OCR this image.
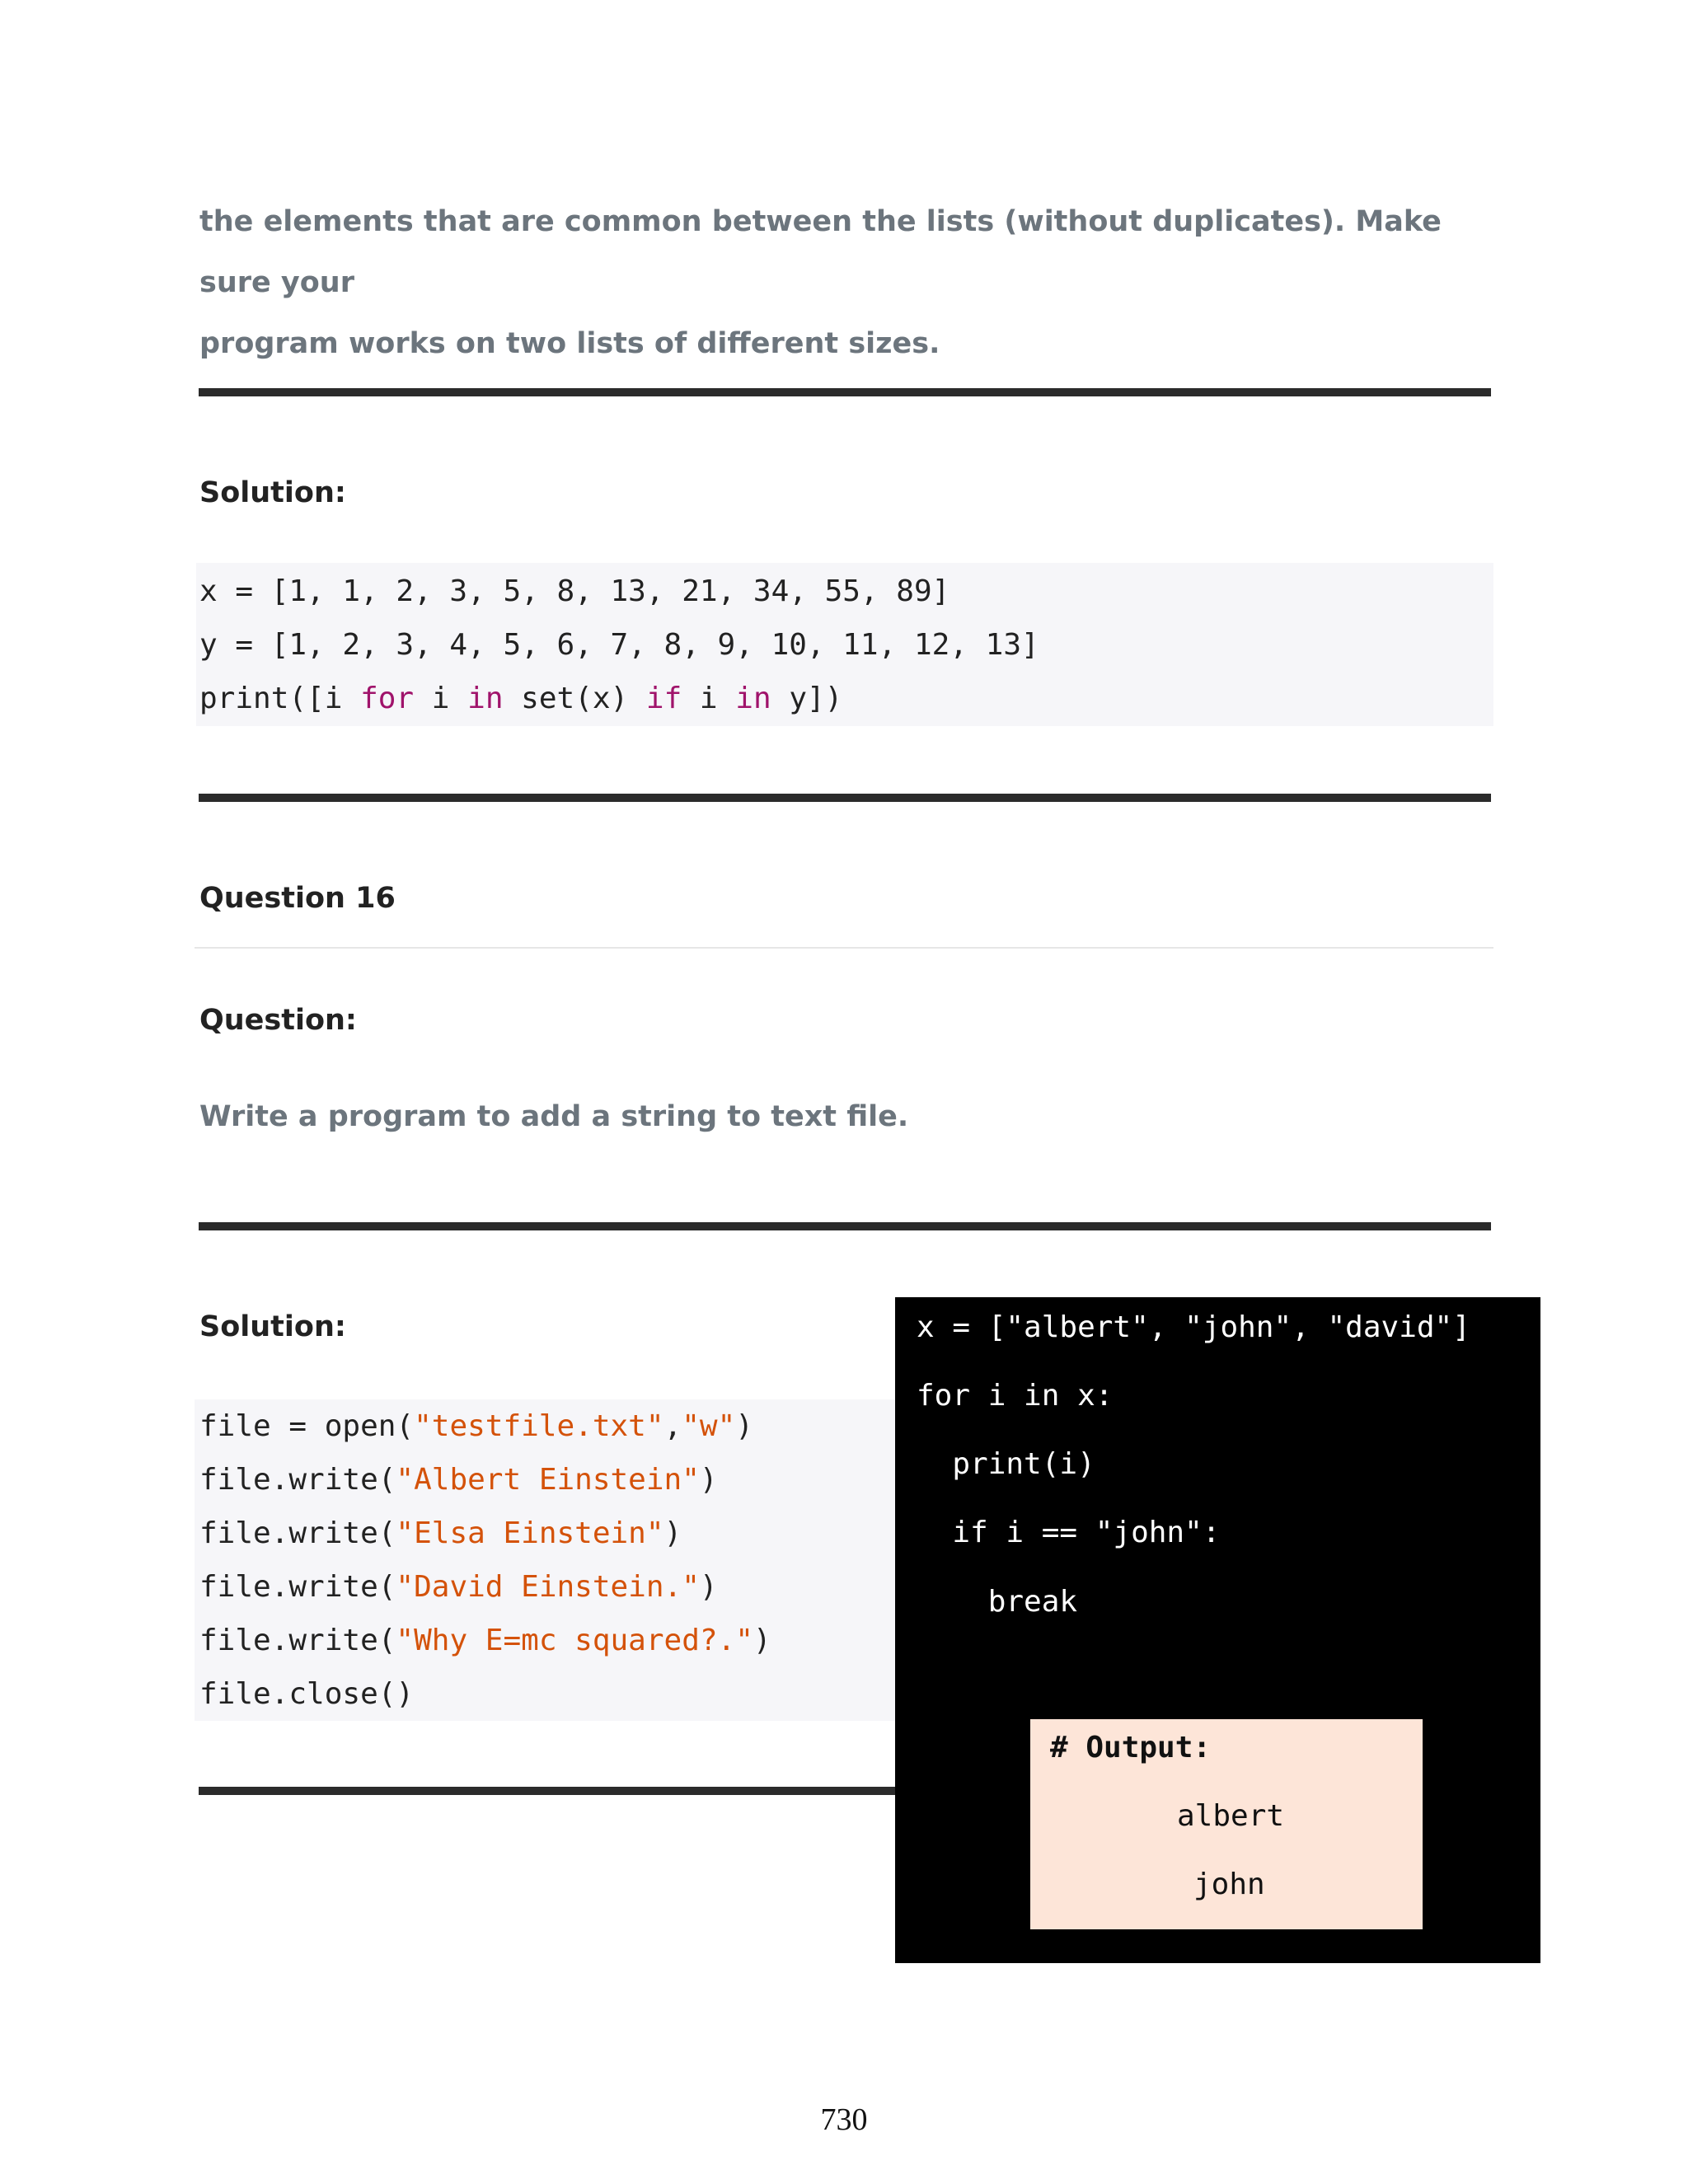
the elements that are common between the lists (without duplicates). Make sure your
program works on two lists of different sizes.
Solution:
x = [1, 1, 2, 3, 5, 8, 13, 21, 34, 55, 89]
y = [1, 2, 3, 4, 5, 6, 7, 8, 9, 10, 11, 12, 13]
print([i for i in set(x) if i in y])
Question 16
Question:
Write a program to add a string to text file.
Solution:
file = open("testfile.txt","w")
file.write("Albert Einstein")
file.write("Elsa Einstein")
file.write("David Einstein.")
file.write("Why E=mc squared?.")
file.close()
x = ["albert", "john", "david"]
for i in x:
print(i)
if i == "john":
break
# Output:
albert
john
730
